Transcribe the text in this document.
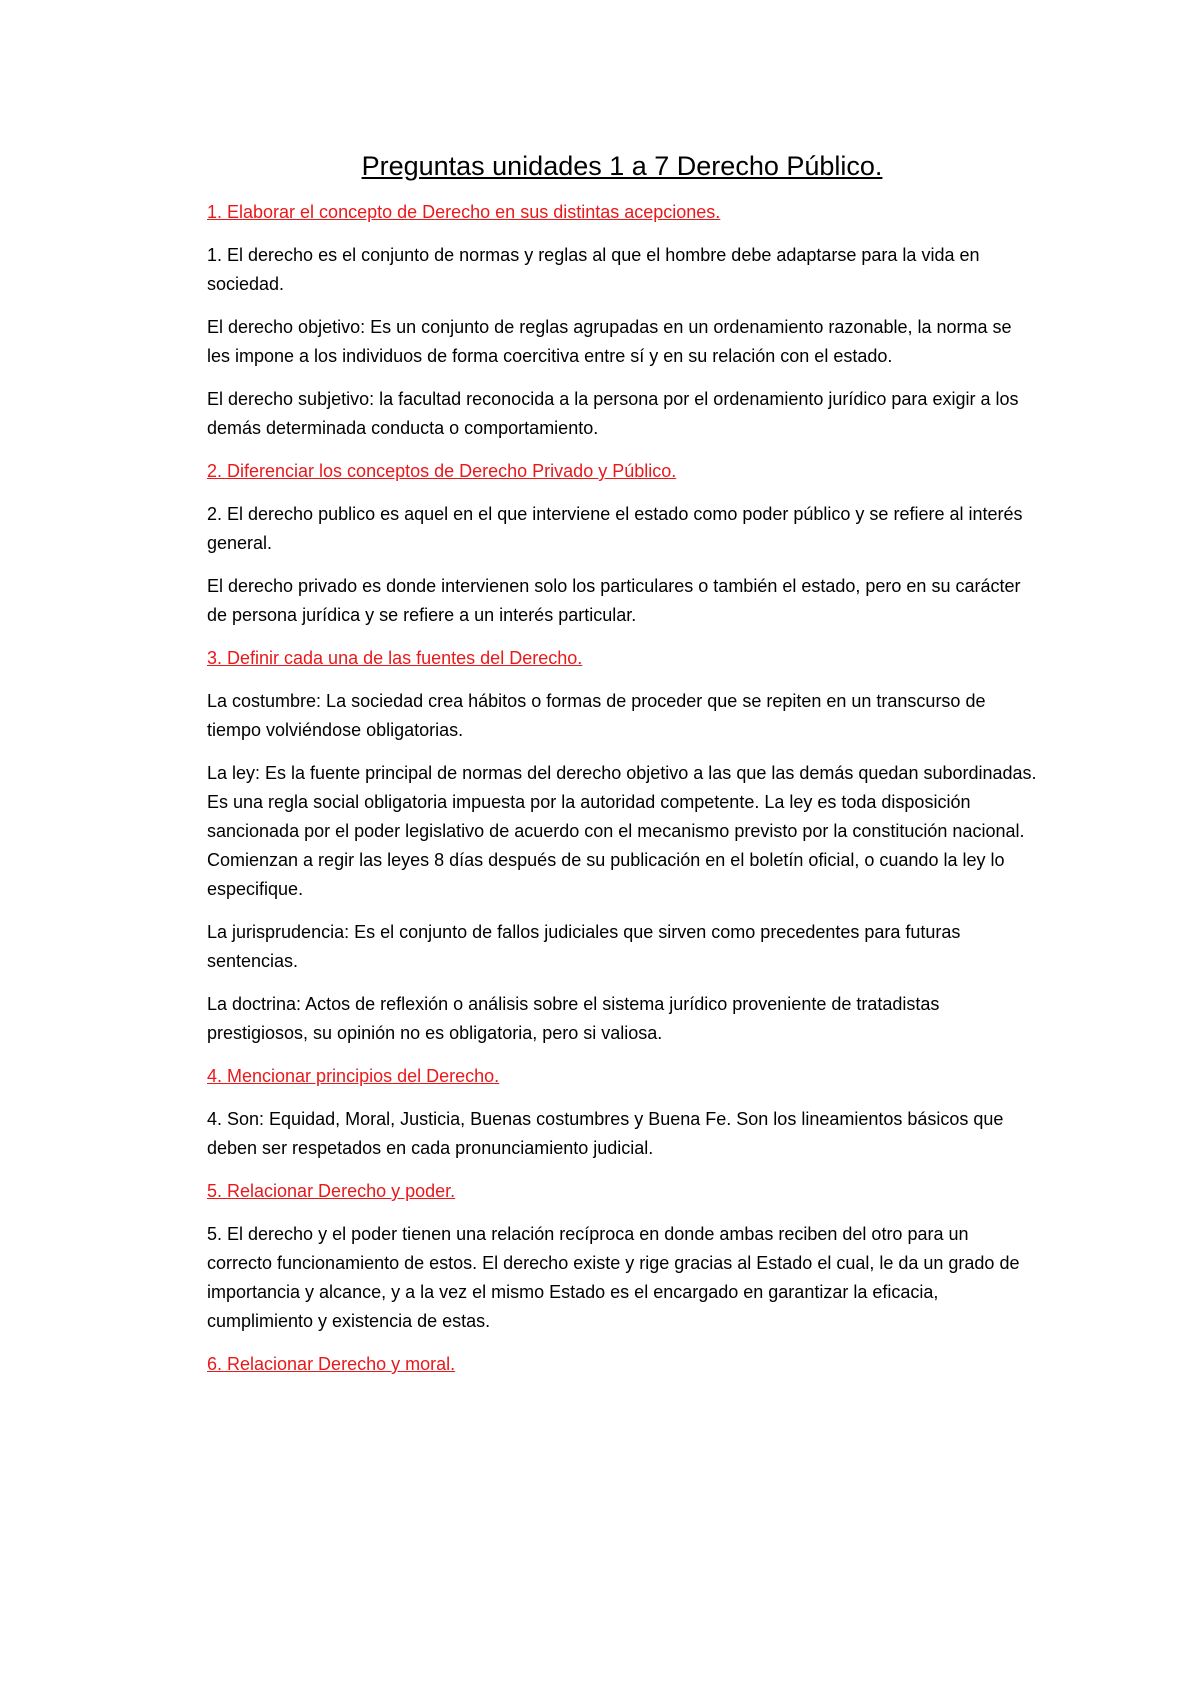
Preguntas unidades 1 a 7 Derecho Público.

1. Elaborar el concepto de Derecho en sus distintas acepciones.

1. El derecho es el conjunto de normas y reglas al que el hombre debe adaptarse para la vida en sociedad.

El derecho objetivo: Es un conjunto de reglas agrupadas en un ordenamiento razonable, la norma se les impone a los individuos de forma coercitiva entre sí y en su relación con el estado.

El derecho subjetivo: la facultad reconocida a la persona por el ordenamiento jurídico para exigir a los demás determinada conducta o comportamiento.

2. Diferenciar los conceptos de Derecho Privado y Público.

2. El derecho publico es aquel en el que interviene el estado como poder público y se refiere al interés general.

El derecho privado es donde intervienen solo los particulares o también el estado, pero en su carácter de persona jurídica y se refiere a un interés particular.

3. Definir cada una de las fuentes del Derecho.

La costumbre: La sociedad crea hábitos o formas de proceder que se repiten en un transcurso de tiempo volviéndose obligatorias.

La ley: Es la fuente principal de normas del derecho objetivo a las que las demás quedan subordinadas. Es una regla social obligatoria impuesta por la autoridad competente. La ley es toda disposición sancionada por el poder legislativo de acuerdo con el mecanismo previsto por la constitución nacional. Comienzan a regir las leyes 8 días después de su publicación en el boletín oficial, o cuando la ley lo especifique.

La jurisprudencia: Es el conjunto de fallos judiciales que sirven como precedentes para futuras sentencias.

La doctrina: Actos de reflexión o análisis sobre el sistema jurídico proveniente de tratadistas prestigiosos, su opinión no es obligatoria, pero si valiosa.

4. Mencionar principios del Derecho.

4. Son: Equidad, Moral, Justicia, Buenas costumbres y Buena Fe. Son los lineamientos básicos que deben ser respetados en cada pronunciamiento judicial.

5. Relacionar Derecho y poder.

5. El derecho y el poder tienen una relación recíproca en donde ambas reciben del otro para un correcto funcionamiento de estos. El derecho existe y rige gracias al Estado el cual, le da un grado de importancia y alcance, y a la vez el mismo Estado es el encargado en garantizar la eficacia, cumplimiento y existencia de estas.

6. Relacionar Derecho y moral.
